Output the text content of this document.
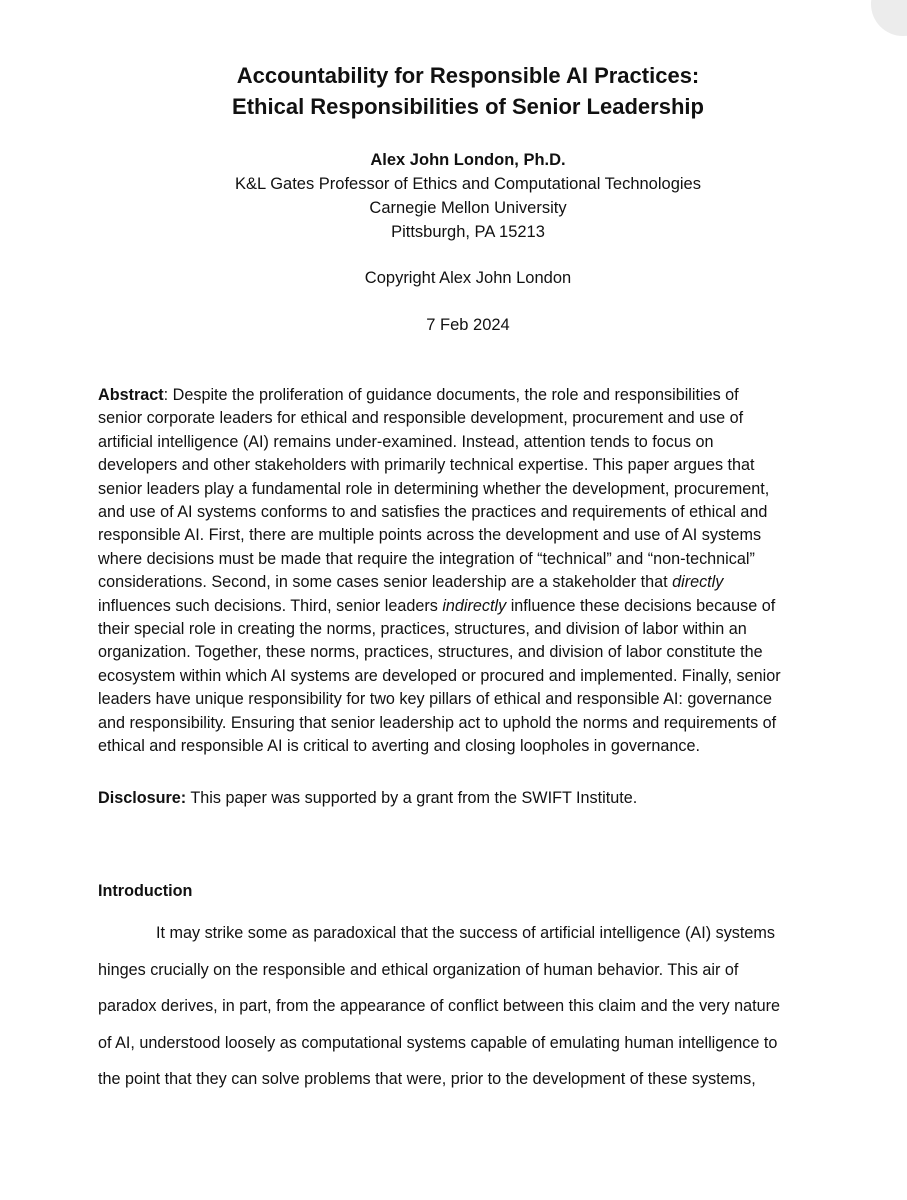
Accountability for Responsible AI Practices:
Ethical Responsibilities of Senior Leadership
Alex John London, Ph.D.
K&L Gates Professor of Ethics and Computational Technologies
Carnegie Mellon University
Pittsburgh, PA 15213
Copyright Alex John London
7 Feb 2024
Abstract: Despite the proliferation of guidance documents, the role and responsibilities of
senior corporate leaders for ethical and responsible development, procurement and use of
artificial intelligence (AI) remains under-examined. Instead, attention tends to focus on
developers and other stakeholders with primarily technical expertise. This paper argues that
senior leaders play a fundamental role in determining whether the development, procurement,
and use of AI systems conforms to and satisfies the practices and requirements of ethical and
responsible AI. First, there are multiple points across the development and use of AI systems
where decisions must be made that require the integration of “technical” and “non-technical”
considerations. Second, in some cases senior leadership are a stakeholder that directly
influences such decisions. Third, senior leaders indirectly influence these decisions because of
their special role in creating the norms, practices, structures, and division of labor within an
organization. Together, these norms, practices, structures, and division of labor constitute the
ecosystem within which AI systems are developed or procured and implemented. Finally, senior
leaders have unique responsibility for two key pillars of ethical and responsible AI: governance
and responsibility. Ensuring that senior leadership act to uphold the norms and requirements of
ethical and responsible AI is critical to averting and closing loopholes in governance.
Disclosure: This paper was supported by a grant from the SWIFT Institute.
Introduction
It may strike some as paradoxical that the success of artificial intelligence (AI) systems
hinges crucially on the responsible and ethical organization of human behavior. This air of
paradox derives, in part, from the appearance of conflict between this claim and the very nature
of AI, understood loosely as computational systems capable of emulating human intelligence to
the point that they can solve problems that were, prior to the development of these systems,
